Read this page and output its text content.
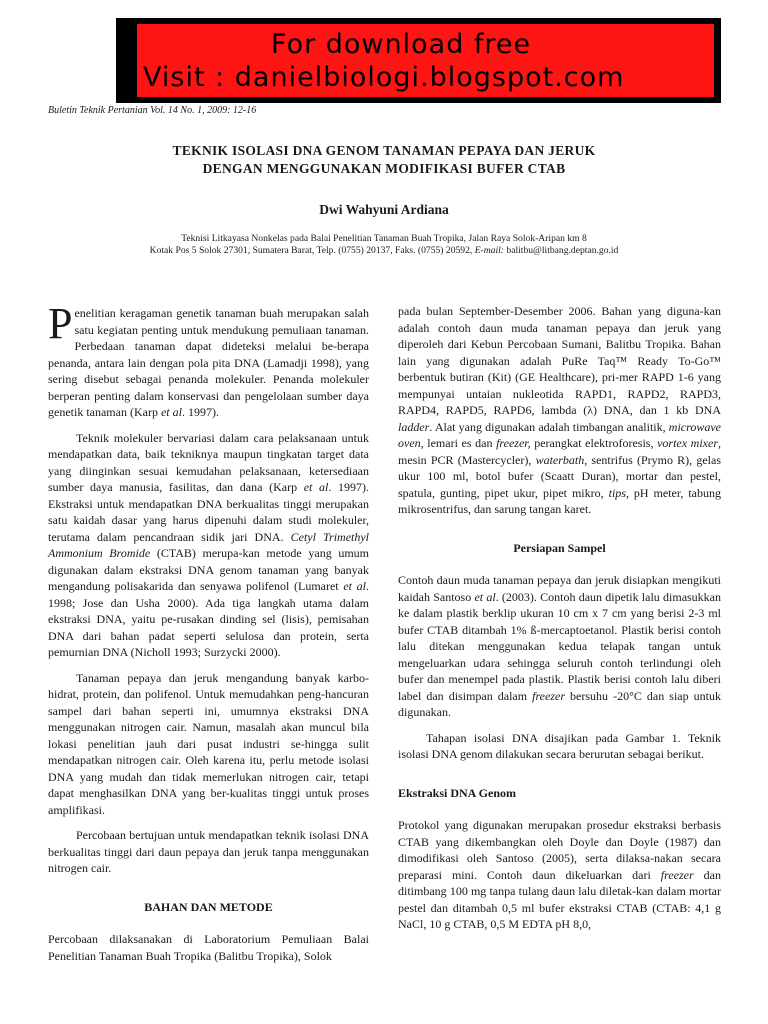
For download free
Visit : danielbiologi.blogspot.com
Buletin Teknik Pertanian Vol. 14 No. 1, 2009: 12-16
TEKNIK ISOLASI DNA GENOM TANAMAN PEPAYA DAN JERUK
DENGAN MENGGUNAKAN MODIFIKASI BUFER CTAB
Dwi Wahyuni Ardiana
Teknisi Litkayasa Nonkelas pada Balai Penelitian Tanaman Buah Tropika, Jalan Raya Solok-Aripan km 8
Kotak Pos 5 Solok 27301, Sumatera Barat, Telp. (0755) 20137, Faks. (0755) 20592, E-mail: balitbu@litbang.deptan.go.id

Penelitian keragaman genetik tanaman buah merupakan salah satu kegiatan penting untuk mendukung pemuliaan tanaman. Perbedaan tanaman dapat dideteksi melalui be-berapa penanda, antara lain dengan pola pita DNA (Lamadji 1998), yang sering disebut sebagai penanda molekuler. Penanda molekuler berperan penting dalam konservasi dan pengelolaan sumber daya genetik tanaman (Karp et al. 1997).

Teknik molekuler bervariasi dalam cara pelaksanaan untuk mendapatkan data, baik tekniknya maupun tingkatan target data yang diinginkan sesuai kemudahan pelaksanaan, ketersediaan sumber daya manusia, fasilitas, dan dana (Karp et al. 1997). Ekstraksi untuk mendapatkan DNA berkualitas tinggi merupakan satu kaidah dasar yang harus dipenuhi dalam studi molekuler, terutama dalam pencandraan sidik jari DNA. Cetyl Trimethyl Ammonium Bromide (CTAB) merupa-kan metode yang umum digunakan dalam ekstraksi DNA genom tanaman yang banyak mengandung polisakarida dan senyawa polifenol (Lumaret et al. 1998; Jose dan Usha 2000). Ada tiga langkah utama dalam ekstraksi DNA, yaitu pe-rusakan dinding sel (lisis), pemisahan DNA dari bahan padat seperti selulosa dan protein, serta pemurnian DNA (Nicholl 1993; Surzycki 2000).

Tanaman pepaya dan jeruk mengandung banyak karbo-hidrat, protein, dan polifenol. Untuk memudahkan peng-hancuran sampel dari bahan seperti ini, umumnya ekstraksi DNA menggunakan nitrogen cair. Namun, masalah akan muncul bila lokasi penelitian jauh dari pusat industri se-hingga sulit mendapatkan nitrogen cair. Oleh karena itu, perlu metode isolasi DNA yang mudah dan tidak memerlukan nitrogen cair, tetapi dapat menghasilkan DNA yang ber-kualitas tinggi untuk proses amplifikasi.

Percobaan bertujuan untuk mendapatkan teknik isolasi DNA berkualitas tinggi dari daun pepaya dan jeruk tanpa menggunakan nitrogen cair.

BAHAN DAN METODE

Percobaan dilaksanakan di Laboratorium Pemuliaan Balai Penelitian Tanaman Buah Tropika (Balitbu Tropika), Solok

pada bulan September-Desember 2006. Bahan yang diguna-kan adalah contoh daun muda tanaman pepaya dan jeruk yang diperoleh dari Kebun Percobaan Sumani, Balitbu Tropika. Bahan lain yang digunakan adalah PuRe Taq™ Ready To-Go™ berbentuk butiran (Kit) (GE Healthcare), pri-mer RAPD 1-6 yang mempunyai untaian nukleotida RAPD1, RAPD2, RAPD3, RAPD4, RAPD5, RAPD6, lambda (λ) DNA, dan 1 kb DNA ladder. Alat yang digunakan adalah timbangan analitik, microwave oven, lemari es dan freezer, perangkat elektroforesis, vortex mixer, mesin PCR (Mastercycler), waterbath, sentrifus (Prymo R), gelas ukur 100 ml, botol bufer (Scaatt Duran), mortar dan pestel, spatula, gunting, pipet ukur, pipet mikro, tips, pH meter, tabung mikrosentrifus, dan sarung tangan karet.

Persiapan Sampel

Contoh daun muda tanaman pepaya dan jeruk disiapkan mengikuti kaidah Santoso et al. (2003). Contoh daun dipetik lalu dimasukkan ke dalam plastik berklip ukuran 10 cm x 7 cm yang berisi 2-3 ml bufer CTAB ditambah 1% ß-mercaptoetanol. Plastik berisi contoh lalu ditekan menggunakan kedua telapak tangan untuk mengeluarkan udara sehingga seluruh contoh terlindungi oleh bufer dan menempel pada plastik. Plastik berisi contoh lalu diberi label dan disimpan dalam freezer bersuhu -20°C dan siap untuk digunakan.

Tahapan isolasi DNA disajikan pada Gambar 1. Teknik isolasi DNA genom dilakukan secara berurutan sebagai berikut.

Ekstraksi DNA Genom

Protokol yang digunakan merupakan prosedur ekstraksi berbasis CTAB yang dikembangkan oleh Doyle dan Doyle (1987) dan dimodifikasi oleh Santoso (2005), serta dilaksa-nakan secara preparasi mini. Contoh daun dikeluarkan dari freezer dan ditimbang 100 mg tanpa tulang daun lalu diletak-kan dalam mortar pestel dan ditambah 0,5 ml bufer ekstraksi CTAB (CTAB: 4,1 g NaCl, 10 g CTAB, 0,5 M EDTA pH 8,0,
